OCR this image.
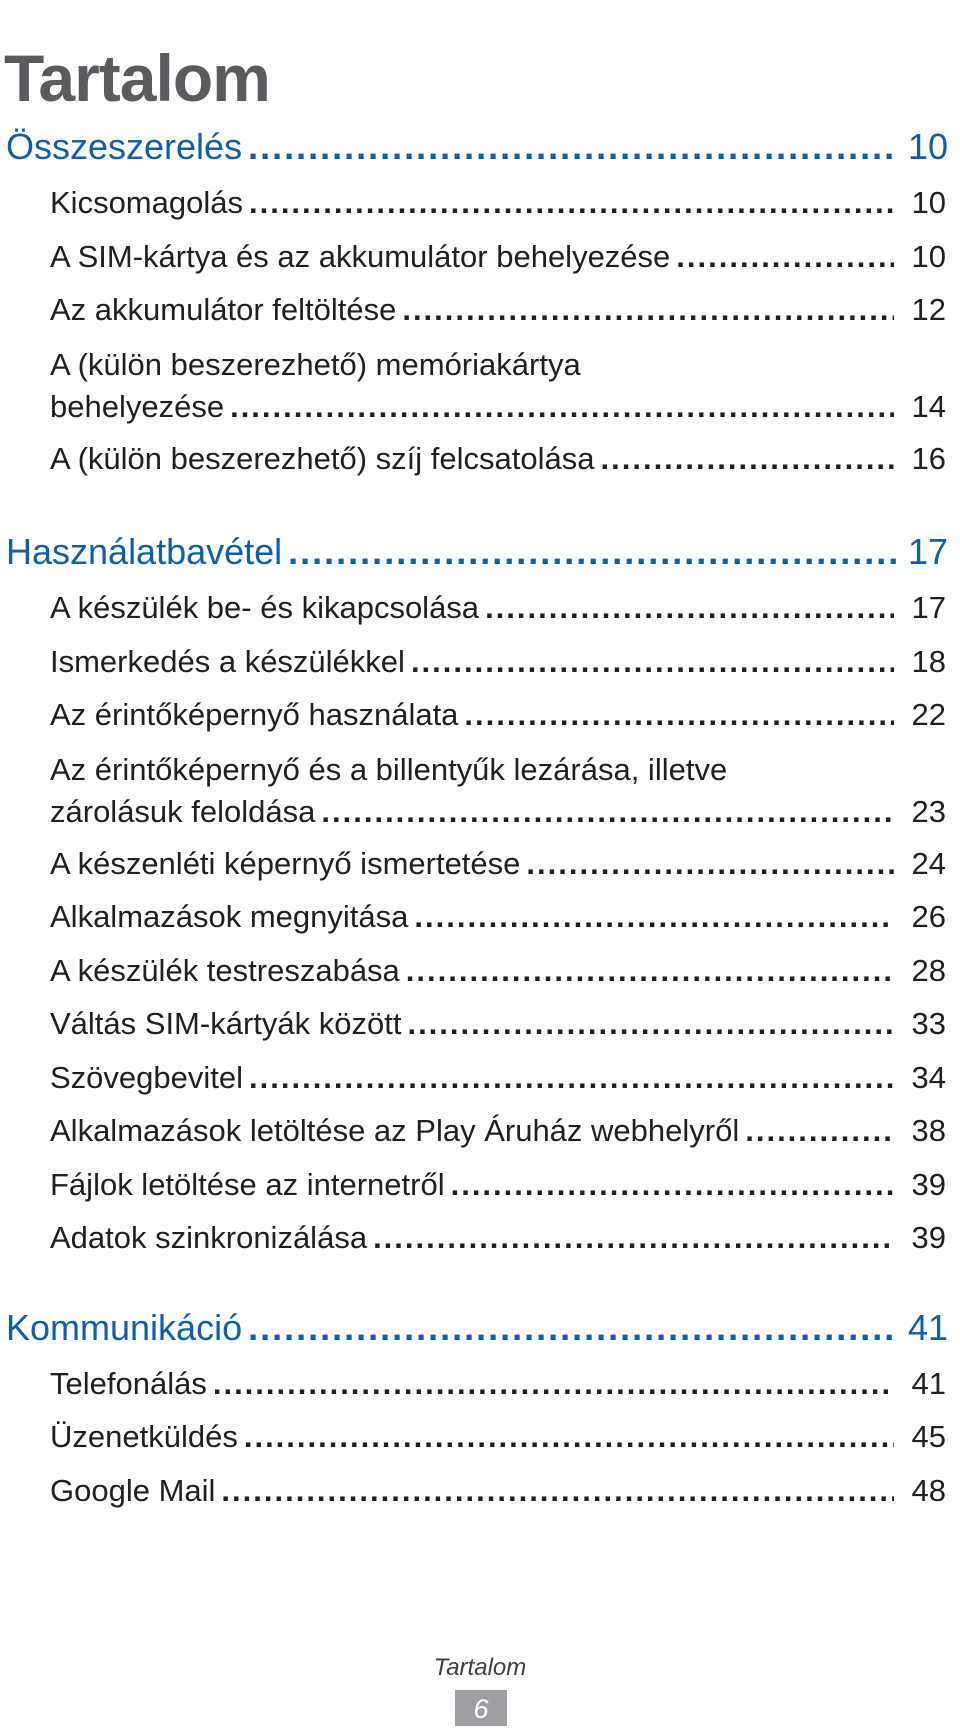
Tartalom
Összeszerelés .....	10
Kicsomagolás .....	10
A SIM-kártya és az akkumulátor behelyezése .....	10
Az akkumulátor feltöltése .....	12
A (külön beszerezhető) memóriakártya
behelyezése .....	14
A (külön beszerezhető) szíj felcsatolása .....	16
Használatbavétel .....	17
A készülék be- és kikapcsolása .....	17
Ismerkedés a készülékkel .....	18
Az érintőképernyő használata .....	22
Az érintőképernyő és a billentyűk lezárása, illetve
zárolásuk feloldása .....	23
A készenléti képernyő ismertetése .....	24
Alkalmazások megnyitása .....	26
A készülék testreszabása .....	28
Váltás SIM-kártyák között .....	33
Szövegbevitel .....	34
Alkalmazások letöltése az Play Áruház webhelyről .....	38
Fájlok letöltése az internetről .....	39
Adatok szinkronizálása .....	39
Kommunikáció .....	41
Telefonálás .....	41
Üzenetküldés .....	45
Google Mail .....	48
Tartalom
6
